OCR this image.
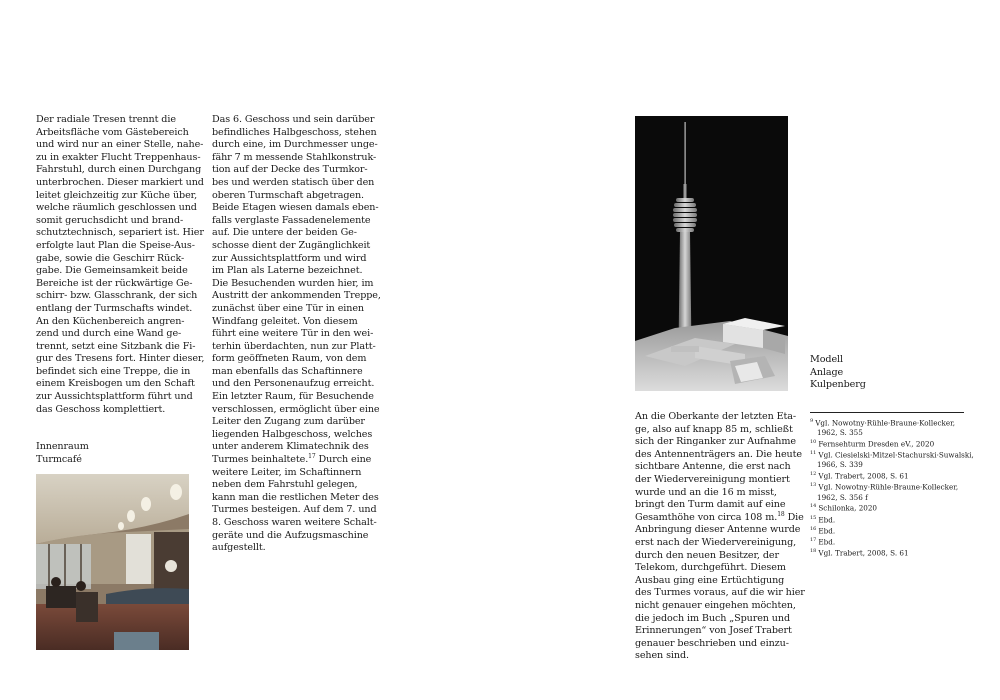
Der radiale Tresen trennt die

Arbeitsfläche vom Gästebereich

und wird nur an einer Stelle, nahe-

zu in exakter Flucht Treppenhaus-

Fahrstuhl, durch einen Durchgang

unterbrochen. Dieser markiert und

leitet gleichzeitig zur Küche über,

welche räumlich geschlossen und

somit geruchsdicht und brand-

schutztechnisch, separiert ist. Hier

erfolgte laut Plan die Speise-Aus-

gabe, sowie die Geschirr Rück-

gabe. Die Gemeinsamkeit beide

Bereiche ist der rückwärtige Ge-

schirr- bzw. Glasschrank, der sich

entlang der Turmschafts windet.

An den Küchenbereich angren-

zend und durch eine Wand ge-

trennt, setzt eine Sitzbank die Fi-

gur des Tresens fort. Hinter dieser,

befindet sich eine Treppe, die in

einem Kreisbogen um den Schaft

zur Aussichtsplattform führt und

das Geschoss komplettiert.

Innenraum

Turmcafé

Das 6. Geschoss und sein darüber

befindliches Halbgeschoss, stehen

durch eine, im Durchmesser unge-

fähr 7 m messende Stahlkonstruk-

tion auf der Decke des Turmkor-

bes und werden statisch über den

oberen Turmschaft abgetragen.

Beide Etagen wiesen damals eben-

falls verglaste Fassadenelemente

auf. Die untere der beiden Ge-

schosse dient der Zugänglichkeit

zur Aussichtsplattform und wird

im Plan als Laterne bezeichnet.

Die Besuchenden wurden hier, im

Austritt der ankommenden Treppe,

zunächst über eine Tür in einen

Windfang geleitet. Von diesem

führt eine weitere Tür in den wei-

terhin überdachten, nun zur Platt-

form geöffneten Raum, von dem

man ebenfalls das Schaftinnere

und den Personenaufzug erreicht.

Ein letzter Raum, für Besuchende

verschlossen, ermöglicht über eine

Leiter den Zugang zum darüber

liegenden Halbgeschoss, welches

unter anderem Klimatechnik des

Turmes beinhaltete.$^{17}$ Durch eine

weitere Leiter, im Schaftinnern

neben dem Fahrstuhl gelegen,

kann man die restlichen Meter des

Turmes besteigen. Auf dem 7. und

8. Geschoss waren weitere Schalt-

geräte und die Aufzugsmaschine

aufgestellt.

Modell

Anlage

Kulpenberg

An die Oberkante der letzten Eta-

ge, also auf knapp 85 m, schließt

sich der Ringanker zur Aufnahme

des Antennenträgers an. Die heute

sichtbare Antenne, die erst nach

der Wiedervereinigung montiert

wurde und an die 16 m misst,

bringt den Turm damit auf eine

Gesamthöhe von circa 108 m.$^{18}$ Die

Anbringung dieser Antenne wurde

erst nach der Wiedervereinigung,

durch den neuen Besitzer, der

Telekom, durchgeführt. Diesem

Ausbau ging eine Ertüchtigung

des Turmes voraus, auf die wir hier

nicht genauer eingehen möchten,

die jedoch im Buch „Spuren und

Erinnerungen“ von Josef Trabert

genauer beschrieben und einzu-

sehen sind.

$^9$ Vgl. Nowotny·Rühle·Braune·Kollecker,
1962, S. 355
$^{10}$ Fernsehturm Dresden eV., 2020
$^{11}$ Vgl. Ciesielski·Mitzel·Stachurski·Suwalski,
1966, S. 339
$^{12}$ Vgl. Trabert, 2008, S. 61
$^{13}$ Vgl. Nowotny·Rühle·Braune·Kollecker,
1962, S. 356 f
$^{14}$ Schilonka, 2020
$^{15}$ Ebd.
$^{16}$ Ebd.
$^{17}$ Ebd.
$^{18}$ Vgl. Trabert, 2008, S. 61
